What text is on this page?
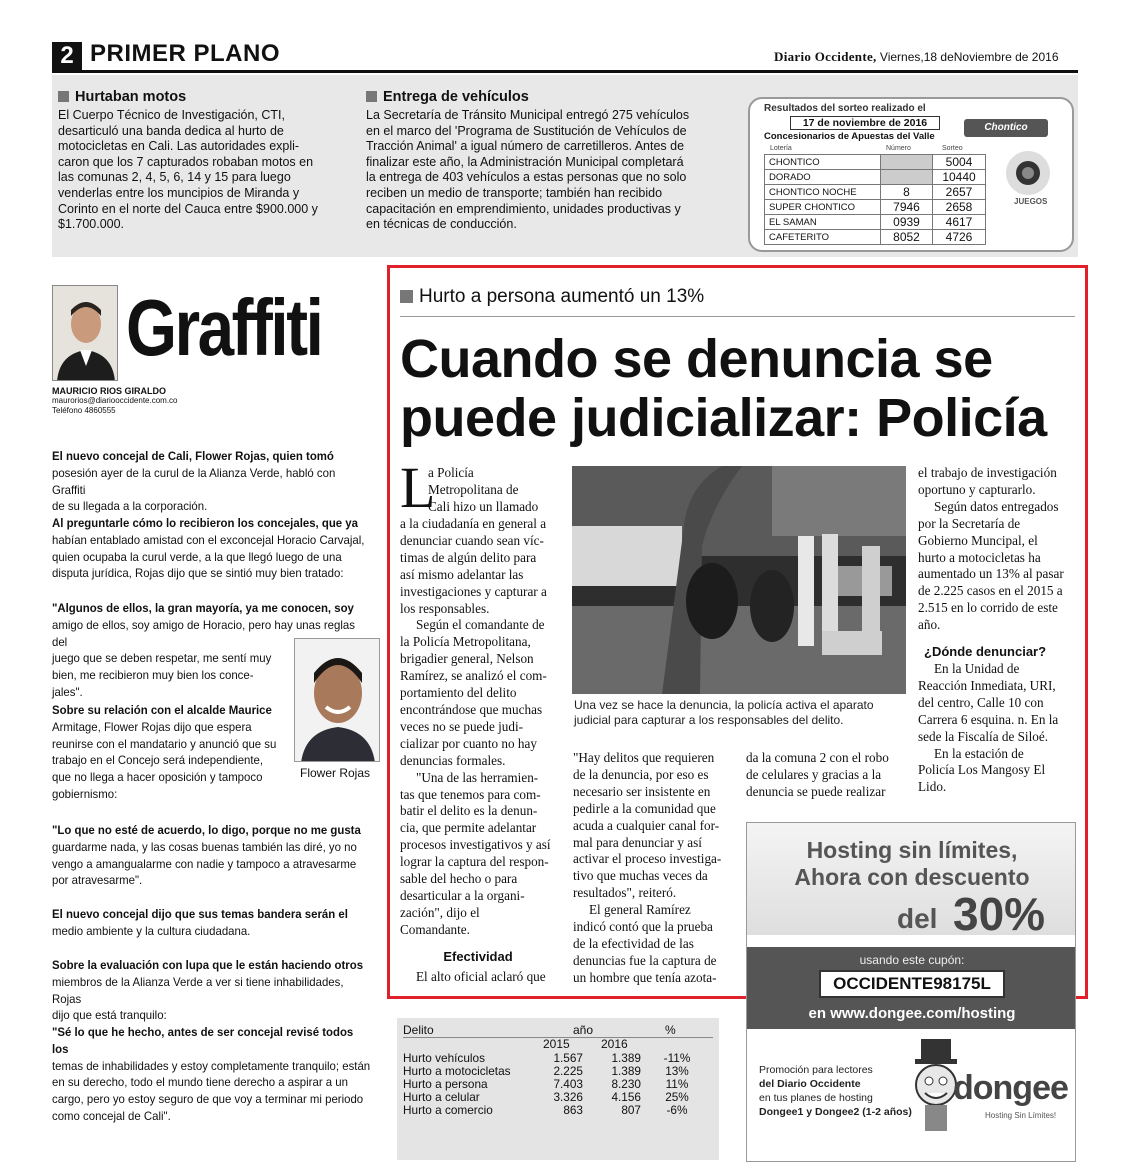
2 PRIMER PLANO	Diario Occidente, Viernes,18 deNoviembre de 2016
Hurtaban motos
El Cuerpo Técnico de Investigación, CTI,
desarticuló una banda dedica al hurto de
motocicletas en Cali. Las autoridades expli-
caron que los 7 capturados robaban motos en
las comunas 2, 4, 5, 6, 14 y 15 para luego
venderlas entre los muncipios de Miranda y
Corinto en el norte del Cauca entre $900.000 y
$1.700.000.
Entrega de vehículos
La Secretaría de Tránsito Municipal entregó 275 vehículos
en el marco del 'Programa de Sustitución de Vehículos de
Tracción Animal' a igual número de carretilleros. Antes de
finalizar este año, la Administración Municipal completará
la entrega de 403 vehículos a estas personas que no solo
reciben un medio de transporte; también han recibido
capacitación en emprendimiento, unidades productivas y
en técnicas de conducción.
Resultados del sorteo realizado el
17 de noviembre de 2016
Concesionarios de Apuestas del Valle
Chontico
Lotería	Número	Sorteo
CHONTICO		5004
DORADO		10440
CHONTICO NOCHE	8	2657
SUPER CHONTICO	7946	2658
EL SAMAN	0939	4617
CAFETERITO	8052	4726
JUEGOS
Graffiti
MAURICIO RIOS GIRALDO
maurorios@diariooccidente.com.co
Teléfono 4860555
El nuevo concejal de Cali, Flower Rojas, quien tomó
posesión ayer de la curul de la Alianza Verde, habló con Graffiti
de su llegada a la corporación.
Al preguntarle cómo lo recibieron los concejales, que ya
habían entablado amistad con el exconcejal Horacio Carvajal,
quien ocupaba la curul verde, a la que llegó luego de una
disputa jurídica, Rojas dijo que se sintió muy bien tratado:
"Algunos de ellos, la gran mayoría, ya me conocen, soy
amigo de ellos, soy amigo de Horacio, pero hay unas reglas del
juego que se deben respetar, me sentí muy
bien, me recibieron muy bien los conce-
jales".
Sobre su relación con el alcalde Maurice
Armitage, Flower Rojas dijo que espera
reunirse con el mandatario y anunció que su
trabajo en el Concejo será independiente,
que no llega a hacer oposición y tampoco
gobiernismo:
Flower Rojas
"Lo que no esté de acuerdo, lo digo, porque no me gusta
guardarme nada, y las cosas buenas también las diré, yo no
vengo a amangualarme con nadie y tampoco a atravesarme
por atravesarme".
El nuevo concejal dijo que sus temas bandera serán el
medio ambiente y la cultura ciudadana.
Sobre la evaluación con lupa que le están haciendo otros
miembros de la Alianza Verde a ver si tiene inhabilidades, Rojas
dijo que está tranquilo:
"Sé lo que he hecho, antes de ser concejal revisé todos los
temas de inhabilidades y estoy completamente tranquilo; están
en su derecho, todo el mundo tiene derecho a aspirar a un
cargo, pero yo estoy seguro de que voy a terminar mi periodo
como concejal de Cali".
Hurto a persona aumentó un 13%
Cuando se denuncia se
puede judicializar: Policía
L
a Policía
Metropolitana de
Cali hizo un llamado
a la ciudadanía en general a
denunciar cuando sean víc-
timas de algún delito para
así mismo adelantar las
investigaciones y capturar a
los responsables.
Según el comandante de
la Policía Metropolitana,
brigadier general, Nelson
Ramírez, se analizó el com-
portamiento del delito
encontrándose que muchas
veces no se puede judi-
cializar por cuanto no hay
denuncias formales.
"Una de las herramien-
tas que tenemos para com-
batir el delito es la denun-
cia, que permite adelantar
procesos investigativos y así
lograr la captura del respon-
sable del hecho o para
desarticular a la organi-
zación", dijo el
Comandante.
Efectividad
El alto oficial aclaró que
Una vez se hace la denuncia, la policía activa el aparato
judicial para capturar a los responsables del delito.
"Hay delitos que requieren
de la denuncia, por eso es
necesario ser insistente en
pedirle a la comunidad que
acuda a cualquier canal for-
mal para denunciar y así
activar el proceso investiga-
tivo que muchas veces da
resultados", reiteró.
El general Ramírez
indicó contó que la prueba
de la efectividad de las
denuncias fue la captura de
un hombre que tenía azota-
da la comuna 2 con el robo
de celulares y gracias a la
denuncia se puede realizar
el trabajo de investigación
oportuno y capturarlo.
Según datos entregados
por la Secretaría de
Gobierno Muncipal, el
hurto a motocicletas ha
aumentado un 13% al pasar
de 2.225 casos en el 2015 a
2.515 en lo corrido de este
año.
¿Dónde denunciar?
En la Unidad de
Reacción Inmediata, URI,
del centro, Calle 10 con
Carrera 6 esquina. n. En la
sede la Fiscalía de Siloé.
En la estación de
Policía Los Mangosy El
Lido.
Delito	año	%
2015	2016
Hurto vehículos	1.567	1.389	-11%
Hurto a motocicletas	2.225	1.389	13%
Hurto a persona	7.403	8.230	11%
Hurto a celular	3.326	4.156	25%
Hurto a comercio	863	807	-6%
Hosting sin límites,
Ahora con descuento
del 30%
usando este cupón:
OCCIDENTE98175L
en www.dongee.com/hosting
Promoción para lectores
del Diario Occidente
en tus planes de hosting
Dongee1 y Dongee2 (1-2 años)
dongee
Hosting Sin Límites!
